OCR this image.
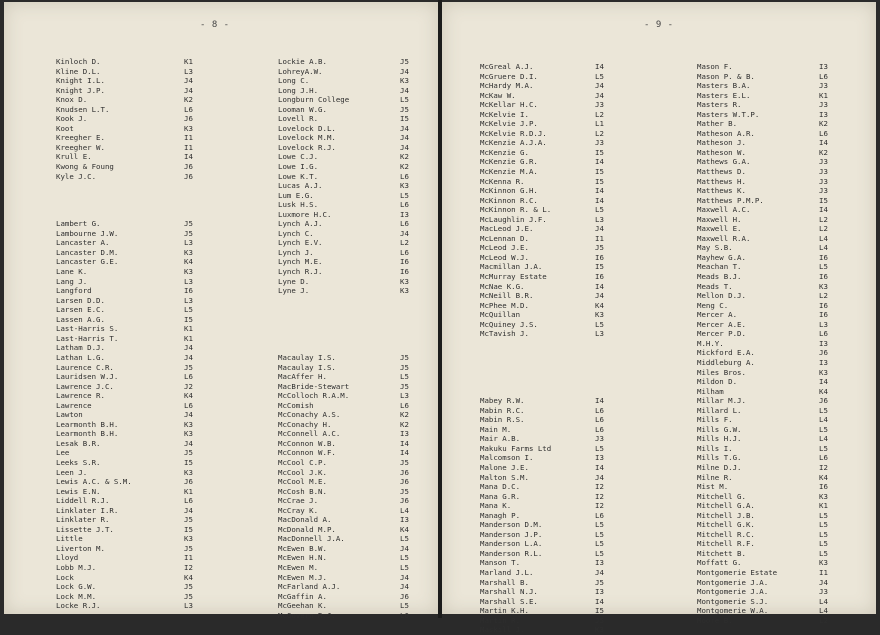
- 8 -
Kinloch D.	K1
Kline D.L.	L3
Knight I.L.	J4
Knight J.P.	J4
Knox D.	K2
Knudsen L.T.	L6
Kook J.	J6
Koot	K3
Kreegher E.	I1
Kreegher W.	I1
Krull E.	I4
Kwong & Foung	J6
Kyle J.C.	J6
Lambert G.	J5
Lambourne J.W.	J5
Lancaster A.	L3
Lancaster D.M.	K3
Lancaster G.E.	K4
Lane K.	K3
Lang J.	L3
Langford	I6
Larsen D.D.	L3
Larsen E.C.	L5
Lassen A.G.	I5
Last-Harris S.	K1
Last-Harris T.	K1
Latham D.J.	J4
Lathan L.G.	J4
Laurence C.R.	J5
Lauridsen W.J.	L6
Lawrence J.C.	J2
Lawrence R.	K4
Lawrence	L6
Lawton	J4
Learmonth B.H.	K3
Learmonth B.H.	K3
Lesak B.R.	J4
Lee	J5
Leeks S.R.	I5
Leen J.	K3
Lewis A.C. & S.M.	J6
Lewis E.N.	K1
Liddell R.J.	L6
Linklater I.R.	J4
Linklater R.	J5
Lissette J.T.	I5
Little	K3
Liverton M.	J5
Lloyd	I1
Lobb M.J.	I2
Lock	K4
Lock G.W.	J5
Lock M.M.	J5
Locke R.J.	L3
Lockie A.B.	J5
LohreyA.W.	J4
Long C.	K3
Long J.H.	J4
Longburn College	L5
Looman W.G.	J5
Lovell R.	I5
Lovelock D.L.	J4
Lovelock M.M.	J4
Lovelock R.J.	J4
Lowe C.J.	K2
Lowe I.G.	K2
Lowe K.T.	L6
Lucas A.J.	K3
Lum E.G.	L5
Lusk H.S.	L6
Luxmore H.C.	I3
Lynch A.J.	L6
Lynch C.	J4
Lynch E.V.	L2
Lynch J.	L6
Lynch M.E.	I6
Lynch R.J.	I6
Lyne D.	K3
Lyne J.	K3
Macaulay I.S.	J5
Macaulay I.S.	J5
MacAffer H.	L5
MacBride-Stewart	J5
McColloch R.A.M.	L3
McComish	L6
McConachy A.S.	K2
McConachy H.	K2
McConnell A.C.	I3
McConnon W.B.	I4
McConnon W.F.	I4
McCool C.P.	J5
McCool J.K.	J6
McCool M.E.	J6
McCosh B.N.	J5
McCrae J.	J6
McCray K.	L4
MacDonald A.	I3
McDonald M.P.	K4
MacDonnell J.A.	L5
McEwen B.W.	J4
McEwen H.N.	L5
McEwen M.	L5
McEwen M.J.	J4
McFarland A.J.	J4
McGaffin A.	J6
McGeehan K.	L5
McGovern R.J.	L6
- 9 -
McGreal A.J.	I4
McGruere D.I.	L5
McHardy M.A.	J4
McKaw W.	J4
McKellar H.C.	J3
McKelvie I.	L2
McKelvie J.P.	L1
McKelvie R.D.J.	L2
McKenzie A.J.A.	J3
McKenzie G.	I5
McKenzie G.R.	I4
McKenzie M.A.	I5
McKenna R.	I5
McKinnon G.H.	I4
McKinnon R.C.	I4
McKinnon R. & L.	L5
McLaughlin J.F.	L3
MacLeod J.E.	J4
McLennan D.	I1
McLeod J.E.	J5
McLeod W.J.	I6
Macmillan J.A.	I5
McMurray Estate	I6
McNae K.G.	I4
McNeill B.R.	J4
McPhee M.D.	K4
McQuillan	K3
McQuiney J.S.	L5
McTavish J.	L3
Mabey R.W.	I4
Mabin R.C.	L6
Mabin R.S.	L6
Main M.	L6
Mair A.B.	J3
Makuku Farms Ltd	L5
Malcomson I.	I3
Malone J.E.	I4
Malton S.M.	J4
Mana D.C.	I2
Mana G.R.	I2
Mana K.	I2
Managh P.	L6
Manderson D.M.	L5
Manderson J.P.	L5
Manderson L.A.	L5
Manderson R.L.	L5
Manson T.	I3
Marland J.L.	J4
Marshall B.	J5
Marshall N.J.	I3
Marshall S.E.	I4
Martin K.H.	I5
Martin R.	J5
Maskill J.	K3
Mason F.	I3
Mason P. & B.	L6
Masters B.A.	J3
Masters E.L.	K1
Masters R.	J3
Masters W.T.P.	I3
Mather B.	K2
Matheson A.R.	L6
Matheson J.	I4
Matheson W.	K2
Mathews G.A.	J3
Matthews D.	J3
Matthews H.	J3
Matthews K.	J3
Matthews P.M.P.	I5
Maxwell A.C.	I4
Maxwell H.	L2
Maxwell E.	L2
Maxwell R.A.	L4
May S.B.	L4
Mayhew G.A.	I6
Meachan T.	L5
Meads B.J.	I6
Meads T.	K3
Mellon D.J.	L2
Meng C.	I6
Mercer A.	I6
Mercer A.E.	L3
Mercer P.D.	L6
M.H.Y.	I3
Mickford E.A.	J6
Middleburg A.	I3
Miles Bros.	K3
Mildon D.	I4
Milham	K4
Millar M.J.	J6
Millard L.	L5
Mills F.	L4
Mills G.W.	L5
Mills H.J.	L4
Mills I.	L5
Mills T.G.	L6
Milne D.J.	I2
Milne R.	K4
Mist M.	I6
Mitchell G.	K3
Mitchell G.A.	K1
Mitchell J.B.	L5
Mitchell G.K.	L5
Mitchell R.C.	L5
Mitchell R.F.	L5
Mitchett B.	L5
Moffatt G.	K3
Montgomerie Estate	I1
Montgomerie J.A.	J4
Montgomerie J.A.	J3
Montgomerie S.J.	L4
Montgomerie W.A.	L4
Moore B.	L2
